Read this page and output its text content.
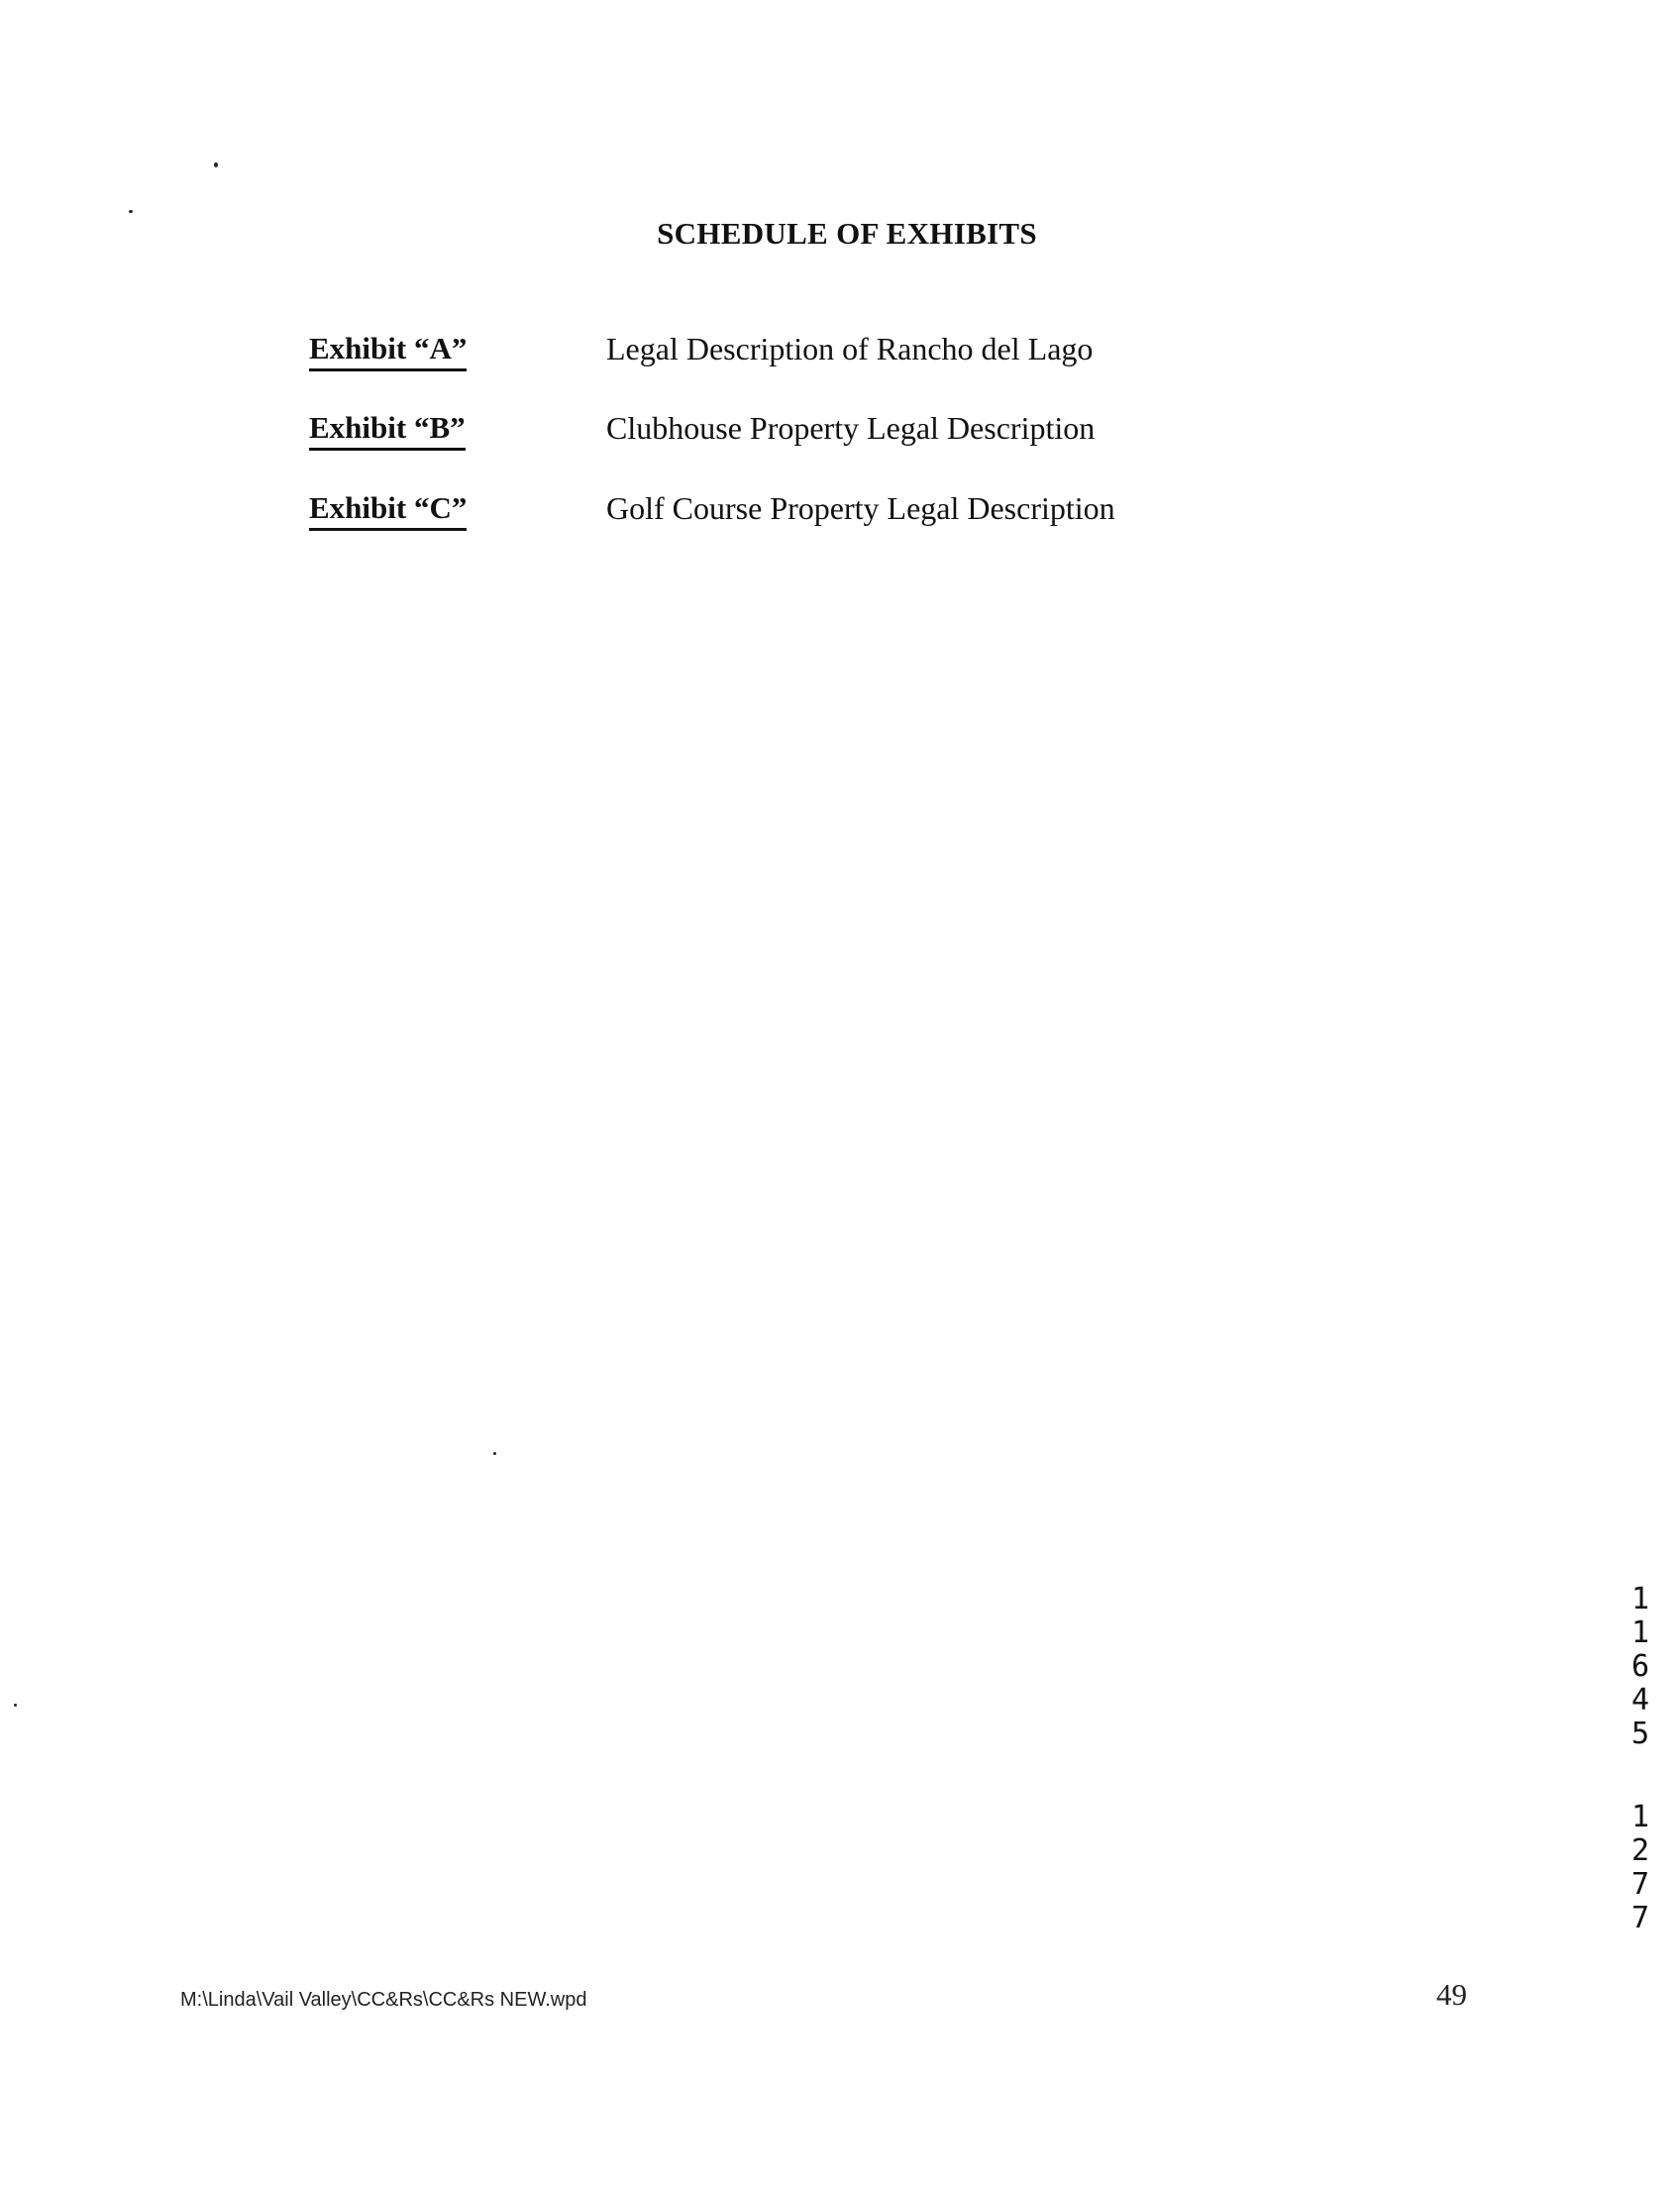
SCHEDULE OF EXHIBITS
Exhibit “A”	Legal Description of Rancho del Lago
Exhibit “B”	Clubhouse Property Legal Description
Exhibit “C”	Golf Course Property Legal Description
1
1
6
4
5
1
2
7
7
M:\Linda\Vail Valley\CC&Rs\CC&Rs NEW.wpd	49
